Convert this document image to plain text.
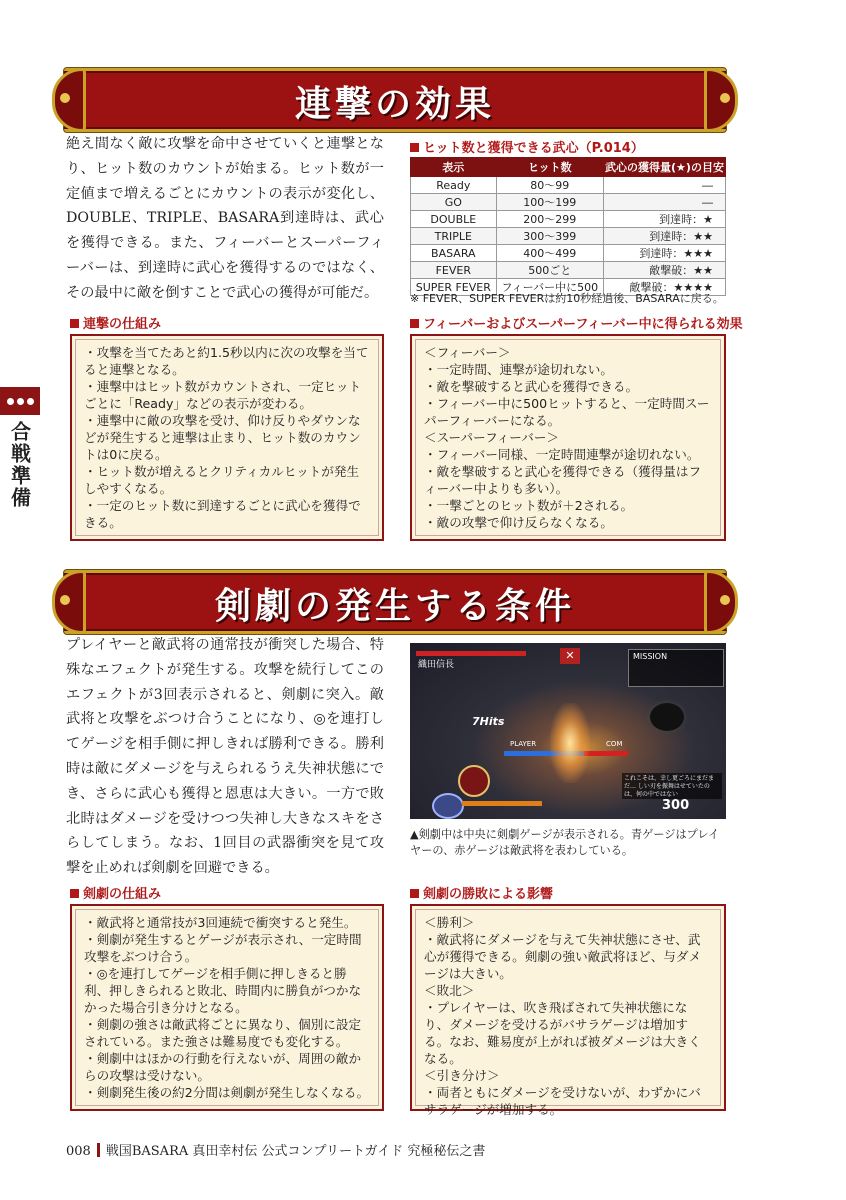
連撃の効果
絶え間なく敵に攻撃を命中させていくと連撃となり、ヒット数のカウントが始まる。ヒット数が一定値まで増えるごとにカウントの表示が変化し、DOUBLE、TRIPLE、BASARA到達時は、武心を獲得できる。また、フィーバーとスーパーフィーバーは、到達時に武心を獲得するのではなく、その最中に敵を倒すことで武心の獲得が可能だ。
ヒット数と獲得できる武心（P.014）
表示	ヒット数	武心の獲得量(★)の目安
Ready	80～99	―
GO	100～199	―
DOUBLE	200～299	到達時：★
TRIPLE	300～399	到達時：★★
BASARA	400～499	到達時：★★★
FEVER	500ごと	敵撃破：★★
SUPER FEVER	フィーバー中に500	敵撃破：★★★★
※ FEVER、SUPER FEVERは約10秒経過後、BASARAに戻る。
連撃の仕組み

・攻撃を当てたあと約1.5秒以内に次の攻撃を当てると連撃となる。

・連撃中はヒット数がカウントされ、一定ヒットごとに「Ready」などの表示が変わる。

・連撃中に敵の攻撃を受け、仰け反りやダウンなどが発生すると連撃は止まり、ヒット数のカウントは0に戻る。

・ヒット数が増えるとクリティカルヒットが発生しやすくなる。

・一定のヒット数に到達するごとに武心を獲得できる。

フィーバーおよびスーパーフィーバー中に得られる効果

＜フィーバー＞

・一定時間、連撃が途切れない。

・敵を撃破すると武心を獲得できる。

・フィーバー中に500ヒットすると、一定時間スーパーフィーバーになる。

＜スーパーフィーバー＞

・フィーバー同様、一定時間連撃が途切れない。

・敵を撃破すると武心を獲得できる（獲得量はフィーバー中よりも多い）。

・一撃ごとのヒット数が＋2される。

・敵の攻撃で仰け反らなくなる。

合戦準備
剣劇の発生する条件
プレイヤーと敵武将の通常技が衝突した場合、特殊なエフェクトが発生する。攻撃を続行してこのエフェクトが3回表示されると、剣劇に突入。敵武将と攻撃をぶつけ合うことになり、◎を連打してゲージを相手側に押しきれば勝利できる。勝利時は敵にダメージを与えられるうえ失神状態にでき、さらに武心も獲得と恩恵は大きい。一方で敗北時はダメージを受けつつ失神し大きなスキをさらしてしまう。なお、1回目の武器衝突を見て攻撃を止めれば剣劇を回避できる。
織田信長
✕	MISSION
7Hits
PLAYER	COM
これこそは、幸し更ごろにまだまだ… しい刃を振舞はせていたのは、何の中ではない
300
▲剣劇中は中央に剣劇ゲージが表示される。青ゲージはプレイヤーの、赤ゲージは敵武将を表わしている。
剣劇の仕組み

・敵武将と通常技が3回連続で衝突すると発生。

・剣劇が発生するとゲージが表示され、一定時間攻撃をぶつけ合う。

・◎を連打してゲージを相手側に押しきると勝利、押しきられると敗北、時間内に勝負がつかなかった場合引き分けとなる。

・剣劇の強さは敵武将ごとに異なり、個別に設定されている。また強さは難易度でも変化する。

・剣劇中はほかの行動を行えないが、周囲の敵からの攻撃は受けない。

・剣劇発生後の約2分間は剣劇が発生しなくなる。

剣劇の勝敗による影響

＜勝利＞

・敵武将にダメージを与えて失神状態にさせ、武心が獲得できる。剣劇の強い敵武将ほど、与ダメージは大きい。

＜敗北＞

・プレイヤーは、吹き飛ばされて失神状態になり、ダメージを受けるがバサラゲージは増加する。なお、難易度が上がれば被ダメージは大きくなる。

＜引き分け＞

・両者ともにダメージを受けないが、わずかにバサラゲージが増加する。

008 戦国BASARA 真田幸村伝 公式コンプリートガイド 究極秘伝之書
